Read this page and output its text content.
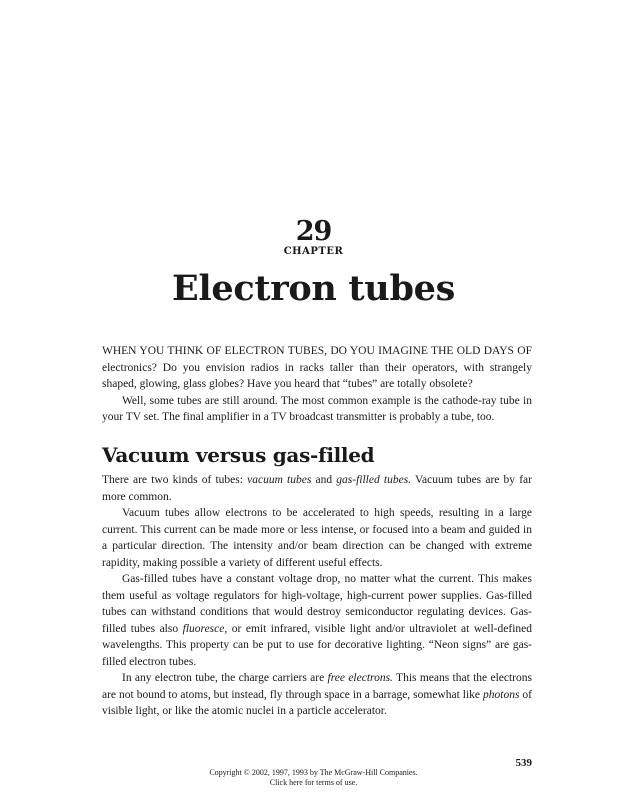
29
CHAPTER
Electron tubes

WHEN YOU THINK OF ELECTRON TUBES, DO YOU IMAGINE THE OLD DAYS OF electronics? Do you envision radios in racks taller than their operators, with strangely shaped, glowing, glass globes? Have you heard that “tubes” are totally obsolete?

Well, some tubes are still around. The most common example is the cathode-ray tube in your TV set. The final amplifier in a TV broadcast transmitter is probably a tube, too.

Vacuum versus gas-filled

There are two kinds of tubes: vacuum tubes and gas-filled tubes. Vacuum tubes are by far more common.

Vacuum tubes allow electrons to be accelerated to high speeds, resulting in a large current. This current can be made more or less intense, or focused into a beam and guided in a particular direction. The intensity and/or beam direction can be changed with extreme rapidity, making possible a variety of different useful effects.

Gas-filled tubes have a constant voltage drop, no matter what the current. This makes them useful as voltage regulators for high-voltage, high-current power supplies. Gas-filled tubes can withstand conditions that would destroy semiconductor regulating devices. Gas-filled tubes also fluoresce, or emit infrared, visible light and/or ultraviolet at well-defined wavelengths. This property can be put to use for decorative lighting. “Neon signs” are gas-filled electron tubes.

In any electron tube, the charge carriers are free electrons. This means that the electrons are not bound to atoms, but instead, fly through space in a barrage, somewhat like photons of visible light, or like the atomic nuclei in a particle accelerator.

539
Copyright © 2002, 1997, 1993 by The McGraw-Hill Companies.
Click here for terms of use.
